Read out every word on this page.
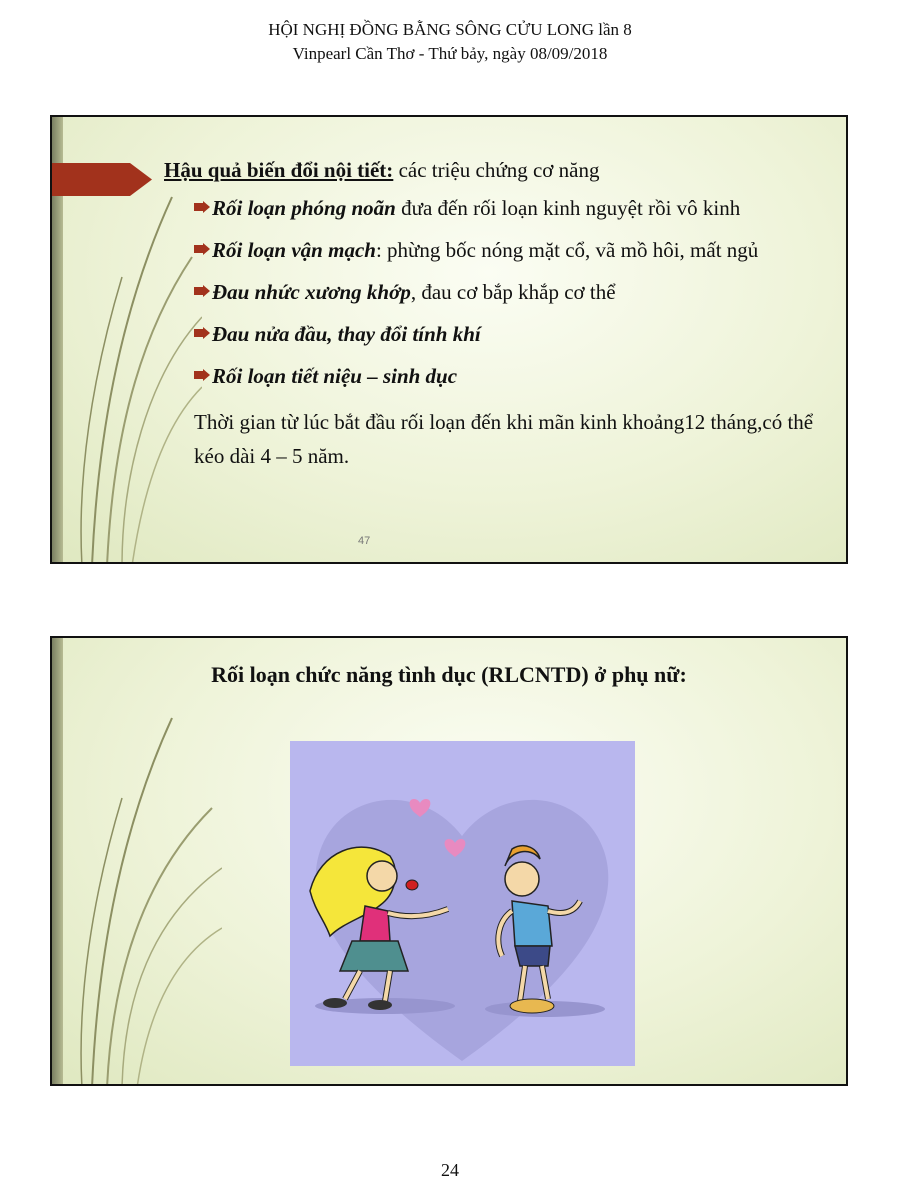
HỘI NGHỊ ĐỒNG BẰNG SÔNG CỬU LONG lần 8
Vinpearl Cần Thơ - Thứ bảy, ngày 08/09/2018
Hậu quả biến đổi nội tiết: các triệu chứng cơ năng
Rối loạn phóng noãn đưa đến rối loạn kinh nguyệt rồi vô kinh
Rối loạn vận mạch: phừng bốc nóng mặt cổ, vã mồ hôi, mất ngủ
Đau nhức xương khớp, đau cơ bắp khắp cơ thể
Đau nửa đầu, thay đổi tính khí
Rối loạn tiết niệu – sinh dục
Thời gian từ lúc bắt đầu rối loạn đến khi mãn kinh khoảng12 tháng,có thể kéo dài 4 – 5 năm.
47
Rối loạn chức năng tình dục (RLCNTD) ở phụ nữ:
24
